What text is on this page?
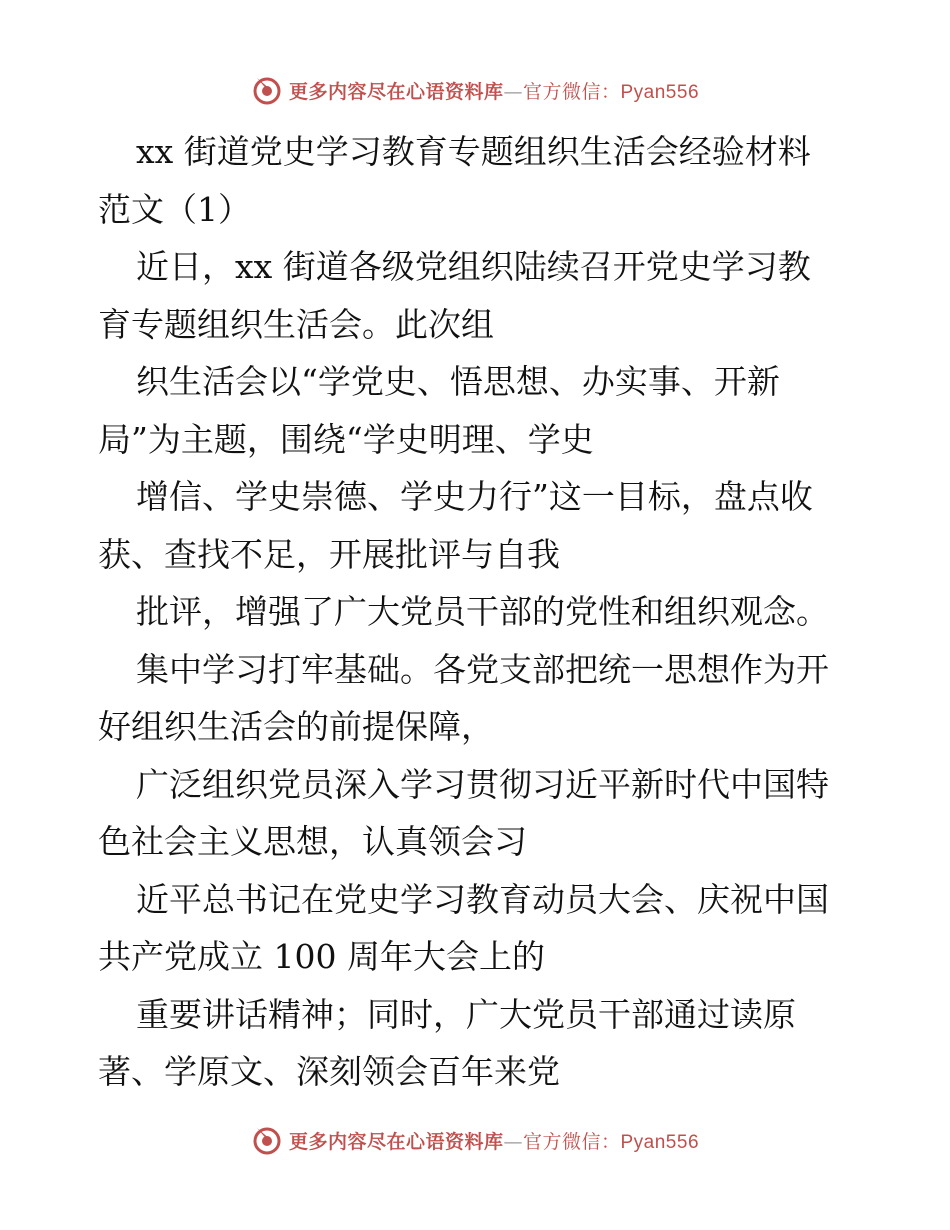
更多内容尽在心语资料库—官方微信：Pyan556
xx 街道党史学习教育专题组织生活会经验材料
范文（1）
近日，xx 街道各级党组织陆续召开党史学习教
育专题组织生活会。此次组
织生活会以“学党史、悟思想、办实事、开新
局”为主题，围绕“学史明理、学史
增信、学史崇德、学史力行”这一目标，盘点收
获、查找不足，开展批评与自我
批评，增强了广大党员干部的党性和组织观念。
集中学习打牢基础。各党支部把统一思想作为开
好组织生活会的前提保障，
广泛组织党员深入学习贯彻习近平新时代中国特
色社会主义思想，认真领会习
近平总书记在党史学习教育动员大会、庆祝中国
共产党成立 100 周年大会上的
重要讲话精神；同时，广大党员干部通过读原
著、学原文、深刻领会百年来党
更多内容尽在心语资料库—官方微信：Pyan556
